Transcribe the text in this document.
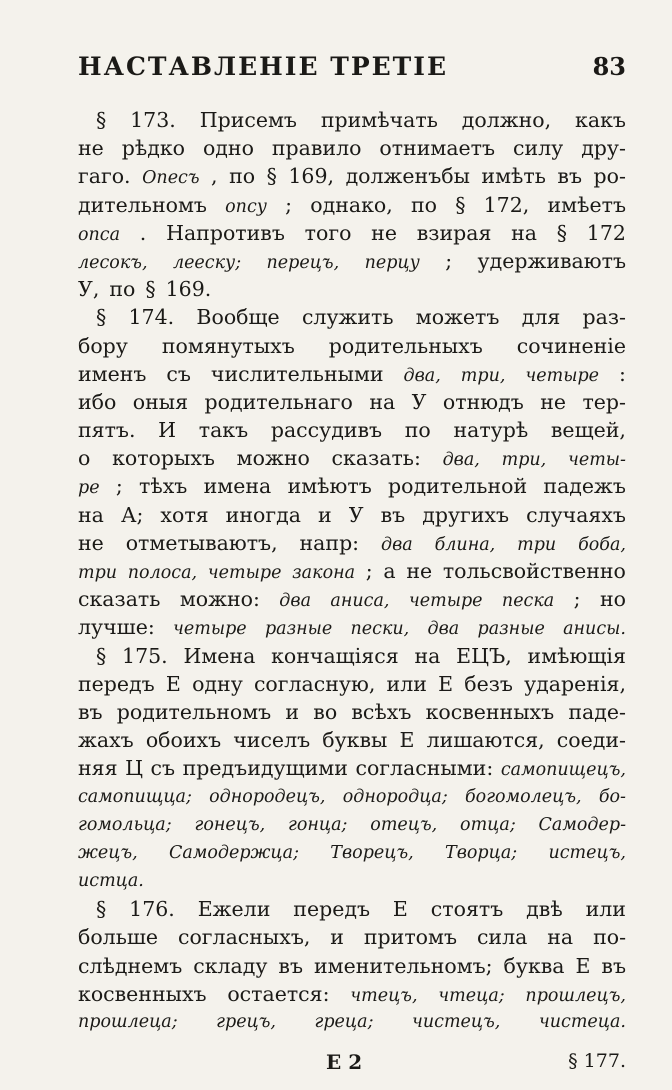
НАСТАВЛЕНIЕ ТРЕТIЕ	83
§ 173. Присемъ примѣчать должно, какъ
не рѣдко одно правило отнимаетъ силу дру-
гаго. Опесъ , по § 169, долженъбы имѣть въ ро-
дительномъ опсу ; однако, по § 172, имѣетъ
опса . Напротивъ того не взирая на § 172
лесокъ, лееску; перецъ, перцу ; удерживаютъ
У, по § 169.
§ 174. Вообще служить можетъ для раз-
бору помянутыхъ родительныхъ сочиненiе
именъ съ числительными два, три, четыре :
ибо оныя родительнаго на У отнюдъ не тер-
пятъ. И такъ рассудивъ по натурѣ вещей,
о которыхъ можно сказать: два, три, четы-
ре ; тѣхъ имена имѣютъ родительной падежъ
на А; хотя иногда и У въ другихъ случаяхъ
не отметываютъ, напр: два блина, три боба,
три полоса, четыре закона ; а не тольсвойственно
сказать можно: два аниса, четыре песка ; но
лучше: четыре разные пески, два разные анисы.
§ 175. Имена кончащiяся на ЕЦЪ, имѣющiя
передъ Е одну согласную, или Е безъ ударенiя,
въ родительномъ и во всѣхъ косвенныхъ паде-
жахъ обоихъ чиселъ буквы Е лишаются, соеди-
няя Ц съ предъидущими согласными: самопищецъ,
самопищца; однородецъ, однородца; богомолецъ, бо-
гомольца; гонецъ, гонца; отецъ, отца; Самодер-
жецъ, Самодержца; Творецъ, Творца; истецъ,
истца.
§ 176. Ежели передъ Е стоятъ двѣ или
больше согласныхъ, и притомъ сила на по-
слѣднемъ складу въ именительномъ; буква Е въ
косвенныхъ остается: чтецъ, чтеца; прошлецъ,
прошлеца; грецъ, греца; чистецъ, чистеца.
Е 2	§ 177.
